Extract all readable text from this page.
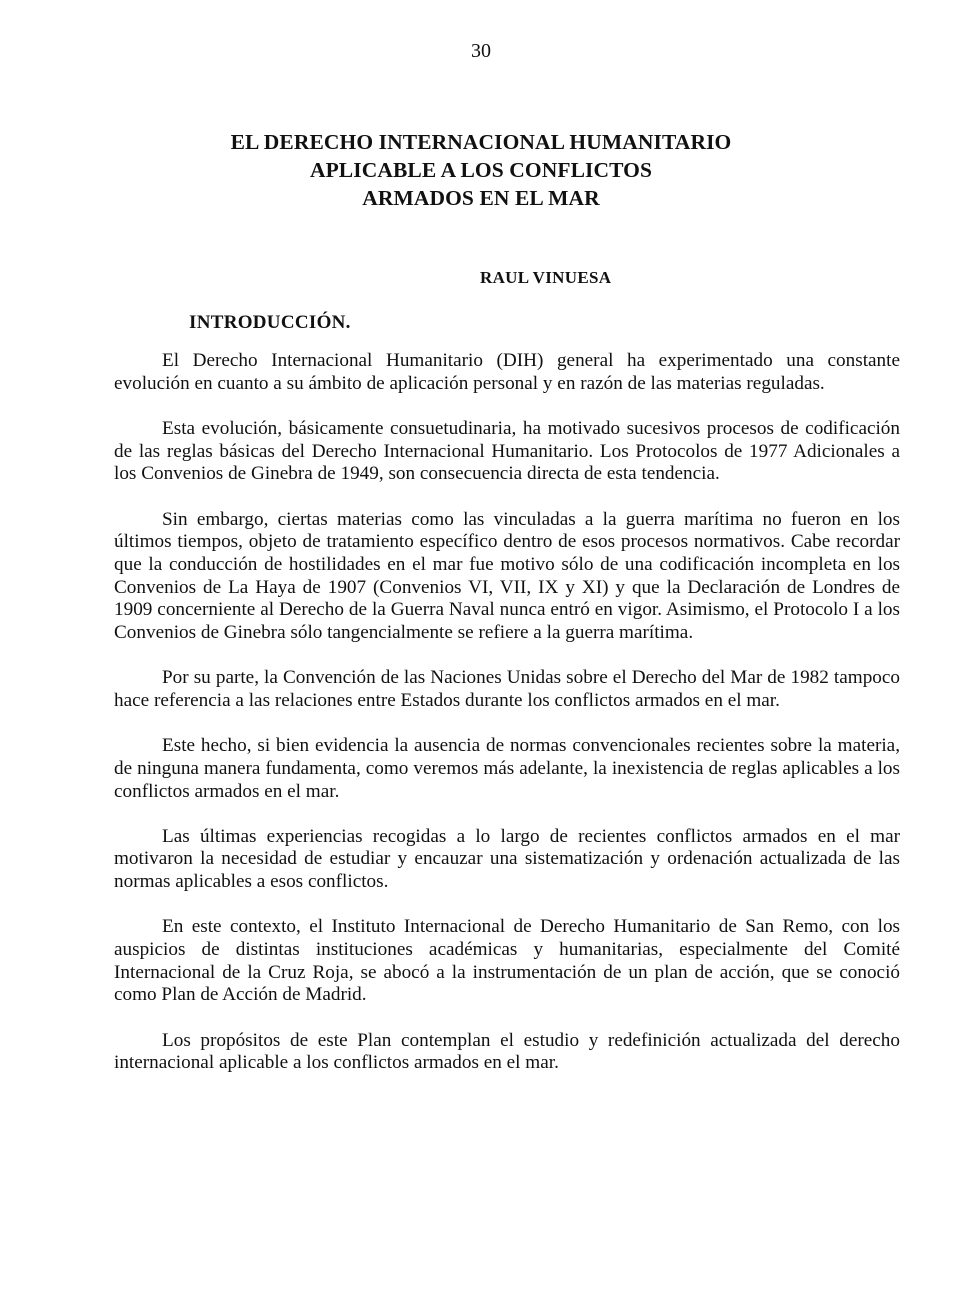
30
EL DERECHO INTERNACIONAL HUMANITARIO
APLICABLE A LOS CONFLICTOS
ARMADOS EN EL MAR
RAUL VINUESA
INTRODUCCIÓN.

El Derecho Internacional Humanitario (DIH) general ha experimentado una constante evolución en cuanto a su ámbito de aplicación personal y en razón de las materias reguladas.

Esta evolución, básicamente consuetudinaria, ha motivado sucesivos procesos de codificación de las reglas básicas del Derecho Internacional Humanitario. Los Protocolos de 1977 Adicionales a los Convenios de Ginebra de 1949, son consecuencia directa de esta tendencia.

Sin embargo, ciertas materias como las vinculadas a la guerra marítima no fueron en los últimos tiempos, objeto de tratamiento específico dentro de esos procesos normativos. Cabe recordar que la conducción de hostilidades en el mar fue motivo sólo de una codificación incompleta en los Convenios de La Haya de 1907 (Convenios VI, VII, IX y XI) y que la Declaración de Londres de 1909 concerniente al Derecho de la Guerra Naval nunca entró en vigor. Asimismo, el Protocolo I a los Convenios de Ginebra sólo tangencialmente se refiere a la guerra marítima.

Por su parte, la Convención de las Naciones Unidas sobre el Derecho del Mar de 1982 tampoco hace referencia a las relaciones entre Estados durante los conflictos armados en el mar.

Este hecho, si bien evidencia la ausencia de normas convencionales recientes sobre la materia, de ninguna manera fundamenta, como veremos más adelante, la inexistencia de reglas aplicables a los conflictos armados en el mar.

Las últimas experiencias recogidas a lo largo de recientes conflictos armados en el mar motivaron la necesidad de estudiar y encauzar una sistematización y ordenación actualizada de las normas aplicables a esos conflictos.

En este contexto, el Instituto Internacional de Derecho Humanitario de San Remo, con los auspicios de distintas instituciones académicas y humanitarias, especialmente del Comité Internacional de la Cruz Roja, se abocó a la instrumentación de un plan de acción, que se conoció como Plan de Acción de Madrid.

Los propósitos de este Plan contemplan el estudio y redefinición actualizada del derecho internacional aplicable a los conflictos armados en el mar.
